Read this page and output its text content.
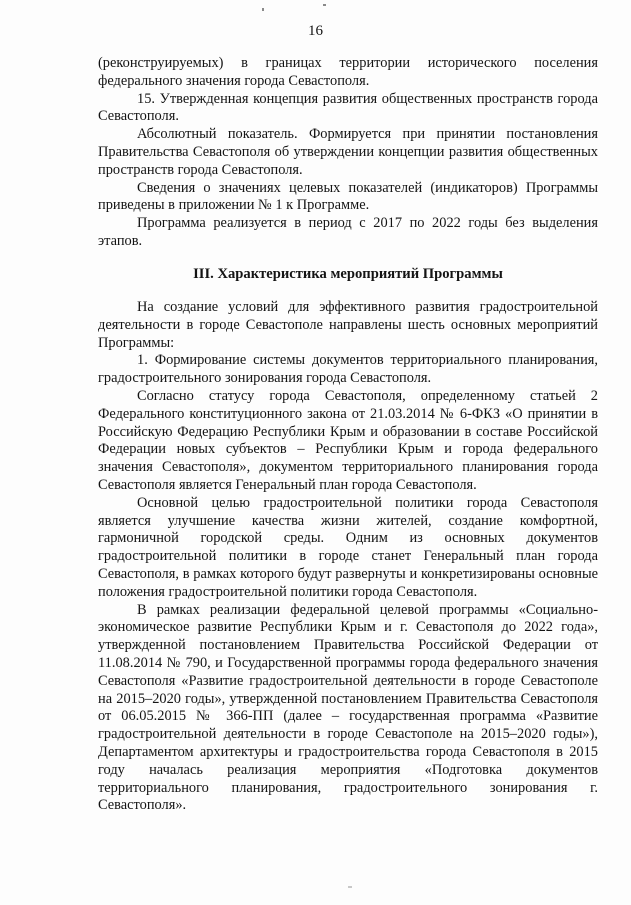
16

(реконструируемых) в границах территории исторического поселения федерального значения города Севастополя.

15. Утвержденная концепция развития общественных пространств города Севастополя.

Абсолютный показатель. Формируется при принятии постановления Правительства Севастополя об утверждении концепции развития общественных пространств города Севастополя.

Сведения о значениях целевых показателей (индикаторов) Программы приведены в приложении № 1 к Программе.

Программа реализуется в период с 2017 по 2022 годы без выделения этапов.

III. Характеристика мероприятий Программы

На создание условий для эффективного развития градостроительной деятельности в городе Севастополе направлены шесть основных мероприятий Программы:

1. Формирование системы документов территориального планирования, градостроительного зонирования города Севастополя.

Согласно статусу города Севастополя, определенному статьей 2 Федерального конституционного закона от 21.03.2014 № 6-ФКЗ «О принятии в Российскую Федерацию Республики Крым и образовании в составе Российской Федерации новых субъектов – Республики Крым и города федерального значения Севастополя», документом территориального планирования города Севастополя является Генеральный план города Севастополя.

Основной целью градостроительной политики города Севастополя является улучшение качества жизни жителей, создание комфортной, гармоничной городской среды. Одним из основных документов градостроительной политики в городе станет Генеральный план города Севастополя, в рамках которого будут развернуты и конкретизированы основные положения градостроительной политики города Севастополя.

В рамках реализации федеральной целевой программы «Социально-экономическое развитие Республики Крым и г. Севастополя до 2022 года», утвержденной постановлением Правительства Российской Федерации от 11.08.2014 № 790, и Государственной программы города федерального значения Севастополя «Развитие градостроительной деятельности в городе Севастополе на 2015–2020 годы», утвержденной постановлением Правительства Севастополя от 06.05.2015 № 366-ПП (далее – государственная программа «Развитие градостроительной деятельности в городе Севастополе на 2015–2020 годы»), Департаментом архитектуры и градостроительства города Севастополя в 2015 году началась реализация мероприятия «Подготовка документов территориального планирования, градостроительного зонирования г. Севастополя».
